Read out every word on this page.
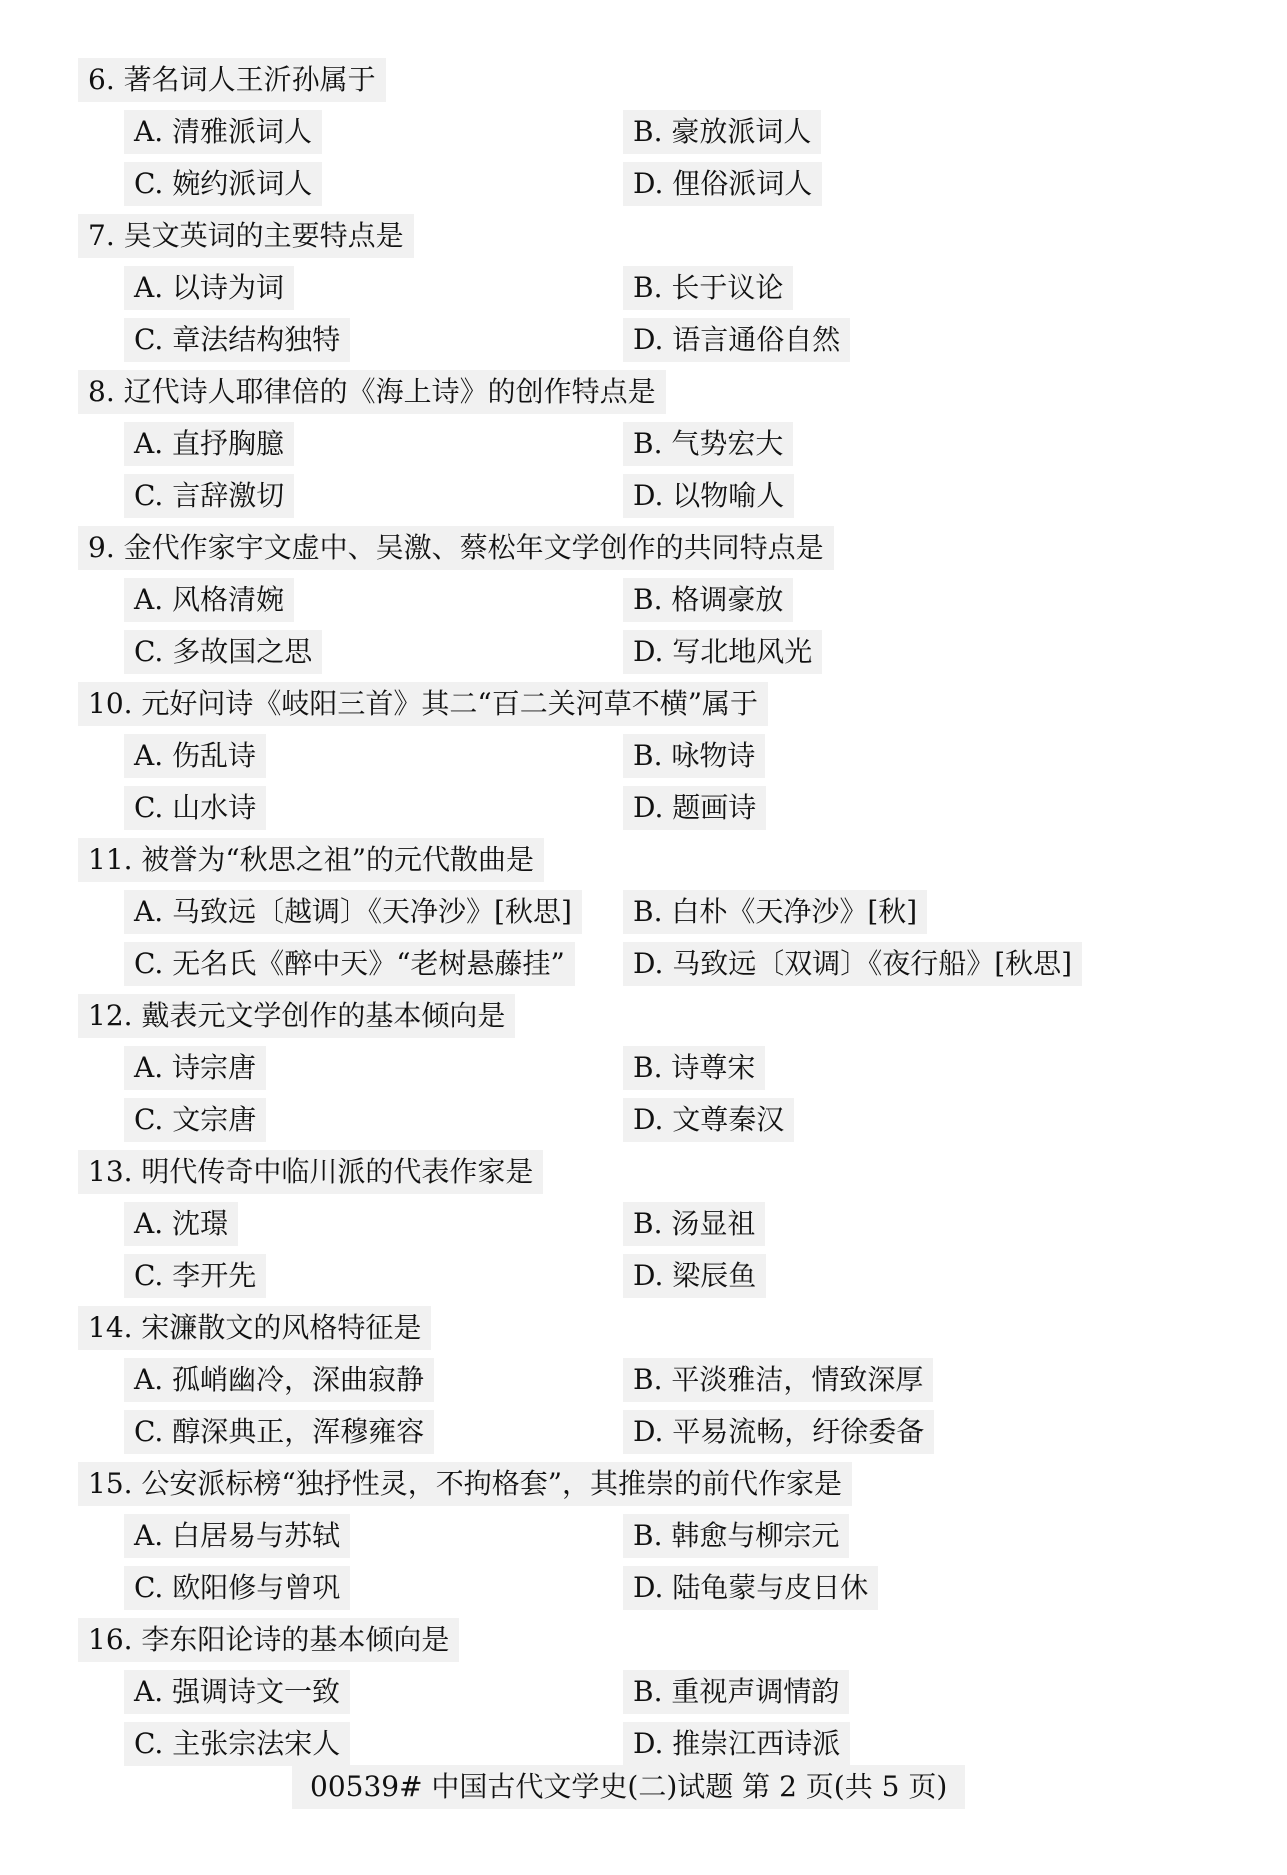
6. 著名词人王沂孙属于
A. 清雅派词人	B. 豪放派词人
C. 婉约派词人	D. 俚俗派词人
7. 吴文英词的主要特点是
A. 以诗为词	B. 长于议论
C. 章法结构独特	D. 语言通俗自然
8. 辽代诗人耶律倍的《海上诗》的创作特点是
A. 直抒胸臆	B. 气势宏大
C. 言辞激切	D. 以物喻人
9. 金代作家宇文虚中、吴激、蔡松年文学创作的共同特点是
A. 风格清婉	B. 格调豪放
C. 多故国之思	D. 写北地风光
10. 元好问诗《岐阳三首》其二“百二关河草不横”属于
A. 伤乱诗	B. 咏物诗
C. 山水诗	D. 题画诗
11. 被誉为“秋思之祖”的元代散曲是
A. 马致远〔越调〕《天净沙》[秋思]	B. 白朴《天净沙》[秋]
C. 无名氏《醉中天》“老树悬藤挂”	D. 马致远〔双调〕《夜行船》[秋思]
12. 戴表元文学创作的基本倾向是
A. 诗宗唐	B. 诗尊宋
C. 文宗唐	D. 文尊秦汉
13. 明代传奇中临川派的代表作家是
A. 沈璟	B. 汤显祖
C. 李开先	D. 梁辰鱼
14. 宋濂散文的风格特征是
A. 孤峭幽冷，深曲寂静	B. 平淡雅洁，情致深厚
C. 醇深典正，浑穆雍容	D. 平易流畅，纡徐委备
15. 公安派标榜“独抒性灵，不拘格套”，其推崇的前代作家是
A. 白居易与苏轼	B. 韩愈与柳宗元
C. 欧阳修与曾巩	D. 陆龟蒙与皮日休
16. 李东阳论诗的基本倾向是
A. 强调诗文一致	B. 重视声调情韵
C. 主张宗法宋人	D. 推崇江西诗派
00539# 中国古代文学史(二)试题 第 2 页(共 5 页)
